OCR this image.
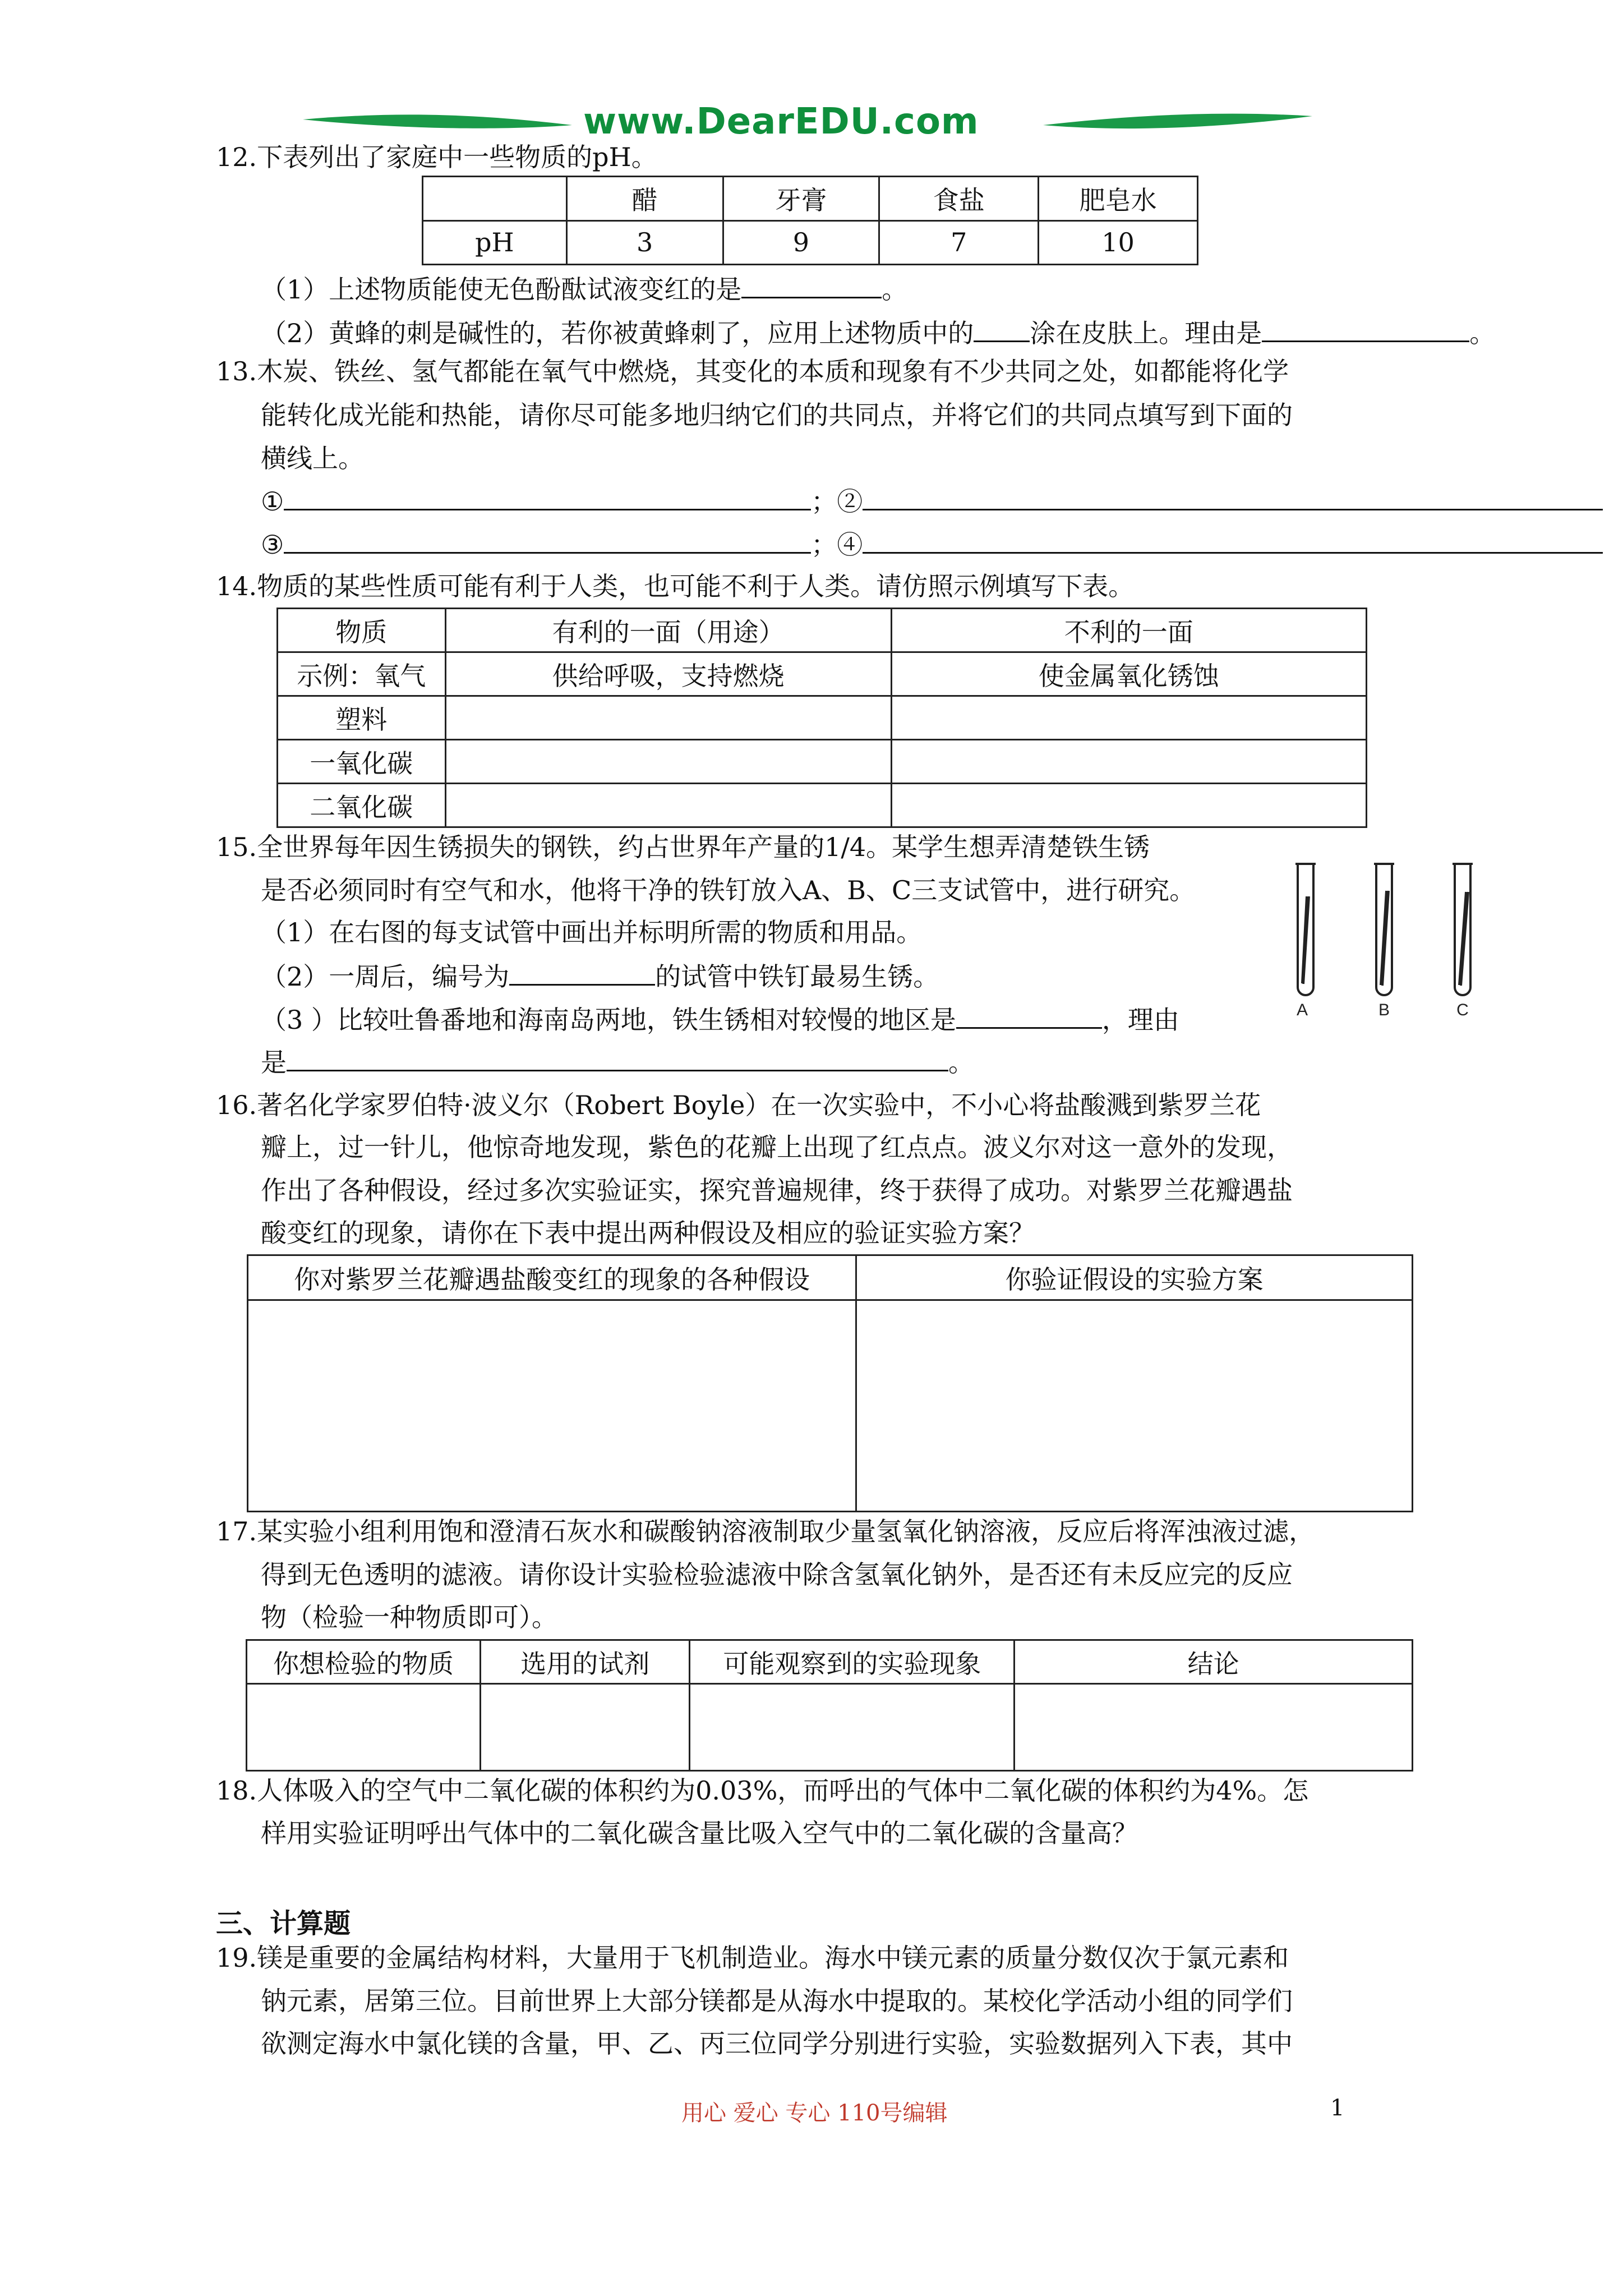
www.DearEDU.com
12.下表列出了家庭中一些物质的pH。
	醋	牙膏	食盐	肥皂水
pH	3	9	7	10
（1）上述物质能使无色酚酞试液变红的是	。
（2）黄蜂的刺是碱性的，若你被黄蜂刺了，应用上述物质中的 涂在皮肤上。理由是	。
13.木炭、铁丝、氢气都能在氧气中燃烧，其变化的本质和现象有不少共同之处，如都能将化学
能转化成光能和热能，请你尽可能多地归纳它们的共同点，并将它们的共同点填写到下面的
横线上。
①	；②
③	；④
14.物质的某些性质可能有利于人类，也可能不利于人类。请仿照示例填写下表。
物质	有利的一面（用途）	不利的一面
示例：氧气	供给呼吸，支持燃烧	使金属氧化锈蚀
塑料		
一氧化碳		
二氧化碳		
15.全世界每年因生锈损失的钢铁，约占世界年产量的1/4。某学生想弄清楚铁生锈
是否必须同时有空气和水，他将干净的铁钉放入A、B、C三支试管中，进行研究。
（1）在右图的每支试管中画出并标明所需的物质和用品。
（2）一周后，编号为	的试管中铁钉最易生锈。
（3 ）比较吐鲁番地和海南岛两地，铁生锈相对较慢的地区是	，理由
是	。
A	B	C
16.著名化学家罗伯特·波义尔（Robert Boyle）在一次实验中，不小心将盐酸溅到紫罗兰花
瓣上，过一针儿，他惊奇地发现，紫色的花瓣上出现了红点点。波义尔对这一意外的发现，
作出了各种假设，经过多次实验证实，探究普遍规律，终于获得了成功。对紫罗兰花瓣遇盐
酸变红的现象，请你在下表中提出两种假设及相应的验证实验方案？
你对紫罗兰花瓣遇盐酸变红的现象的各种假设	你验证假设的实验方案

17.某实验小组利用饱和澄清石灰水和碳酸钠溶液制取少量氢氧化钠溶液，反应后将浑浊液过滤，
得到无色透明的滤液。请你设计实验检验滤液中除含氢氧化钠外，是否还有未反应完的反应
物（检验一种物质即可）。
你想检验的物质	选用的试剂	可能观察到的实验现象	结论

18.人体吸入的空气中二氧化碳的体积约为0.03%，而呼出的气体中二氧化碳的体积约为4%。怎
样用实验证明呼出气体中的二氧化碳含量比吸入空气中的二氧化碳的含量高？
三、计算题
19.镁是重要的金属结构材料，大量用于飞机制造业。海水中镁元素的质量分数仅次于氯元素和
钠元素，居第三位。目前世界上大部分镁都是从海水中提取的。某校化学活动小组的同学们
欲测定海水中氯化镁的含量，甲、乙、丙三位同学分别进行实验，实验数据列入下表，其中
用心 爱心 专心 110号编辑	1
